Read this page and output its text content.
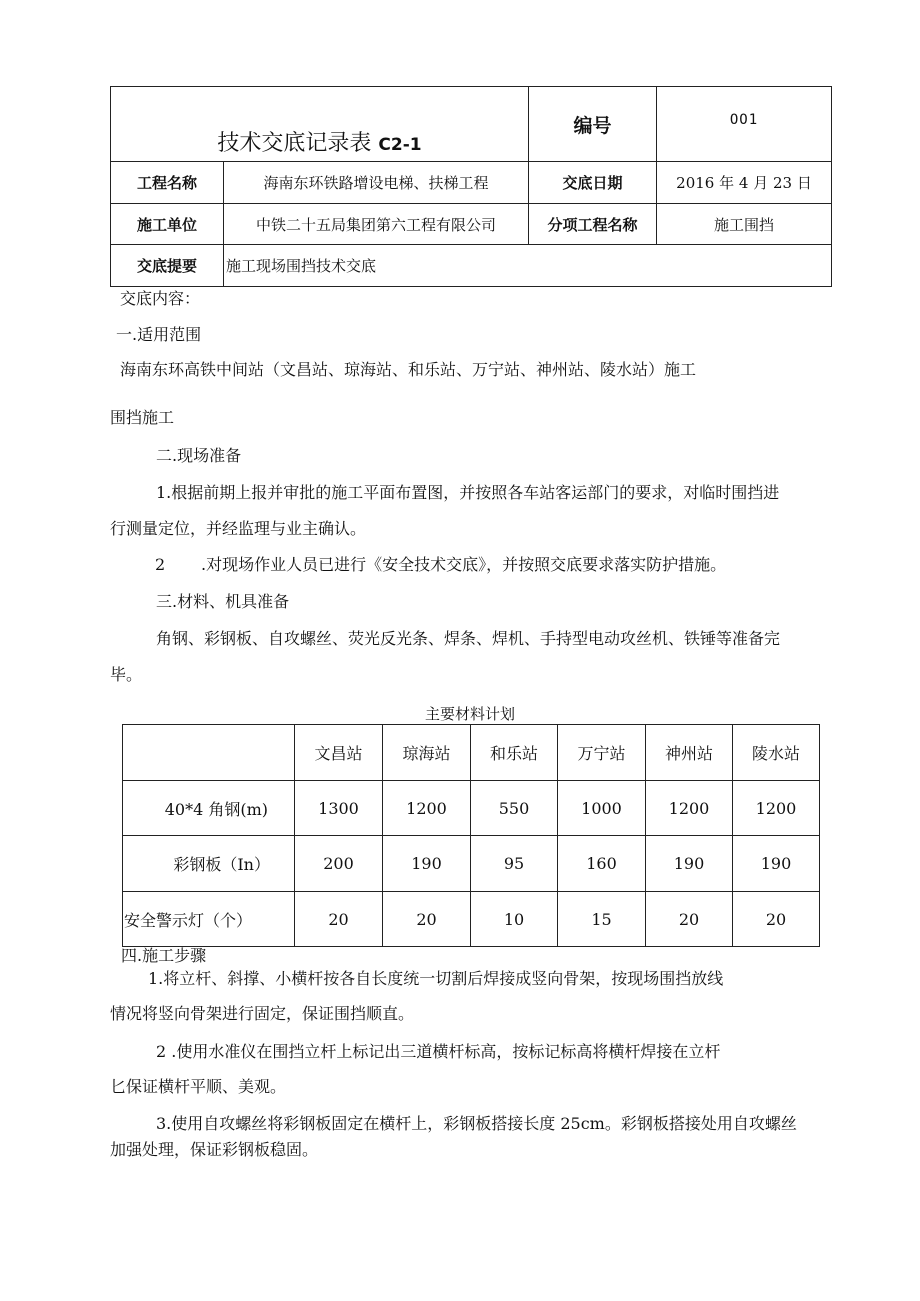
技术交底记录表 C2-1		编号	OO1
工程名称	海南东环铁路增设电梯、扶梯工程	交底日期	2016 年 4 月 23 日
施工单位	中铁二十五局集团第六工程有限公司	分项工程名称	施工围挡
交底提要	施工现场围挡技术交底		
交底内容：
一.适用范围
海南东环高铁中间站（文昌站、琼海站、和乐站、万宁站、神州站、陵水站）施工
围挡施工
二.现场准备
1.根据前期上报并审批的施工平面布置图，并按照各车站客运部门的要求，对临时围挡进
行测量定位，并经监理与业主确认。
2 .对现场作业人员已进行《安全技术交底》，并按照交底要求落实防护措施。
三.材料、机具准备
角钢、彩钢板、自攻螺丝、荧光反光条、焊条、焊机、手持型电动攻丝机、铁锤等准备完
毕。
主要材料计划
	文昌站	琼海站	和乐站	万宁站	神州站	陵水站
40*4 角钢(m)	1300	1200	550	1000	1200	1200
彩钢板（In）	200	190	95	160	190	190
安全警示灯（个）	20	20	10	15	20	20
四.施工步骤
1.将立杆、斜撑、小横杆按各自长度统一切割后焊接成竖向骨架，按现场围挡放线
情况将竖向骨架进行固定，保证围挡顺直。
2 .使用水准仪在围挡立杆上标记出三道横杆标高，按标记标高将横杆焊接在立杆
匕保证横杆平顺、美观。
3.使用自攻螺丝将彩钢板固定在横杆上，彩钢板搭接长度 25cm。彩钢板搭接处用自攻螺丝
加强处理，保证彩钢板稳固。
